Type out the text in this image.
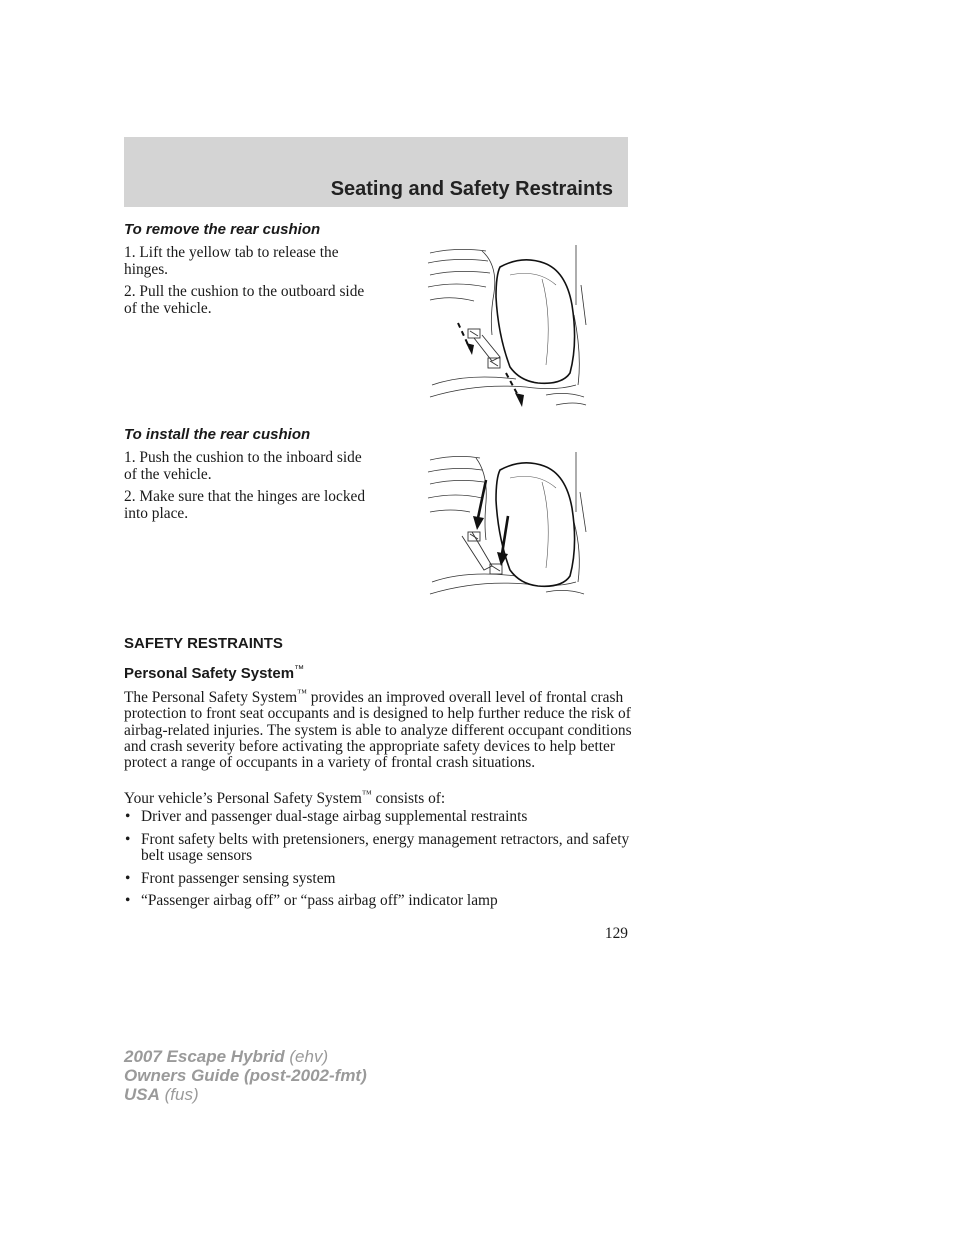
Seating and Safety Restraints
To remove the rear cushion

1. Lift the yellow tab to release the hinges.

2. Pull the cushion to the outboard side of the vehicle.

To install the rear cushion

1. Push the cushion to the inboard side of the vehicle.

2. Make sure that the hinges are locked into place.

SAFETY RESTRAINTS
Personal Safety System™

The Personal Safety System™ provides an improved overall level of frontal crash protection to front seat occupants and is designed to help further reduce the risk of airbag-related injuries. The system is able to analyze different occupant conditions and crash severity before activating the appropriate safety devices to help better protect a range of occupants in a variety of frontal crash situations.

Your vehicle’s Personal Safety System™ consists of:

• Driver and passenger dual-stage airbag supplemental restraints
• Front safety belts with pretensioners, energy management retractors, and safety belt usage sensors
• Front passenger sensing system
• “Passenger airbag off” or “pass airbag off” indicator lamp

129

2007 Escape Hybrid (ehv)
Owners Guide (post-2002-fmt)
USA (fus)
